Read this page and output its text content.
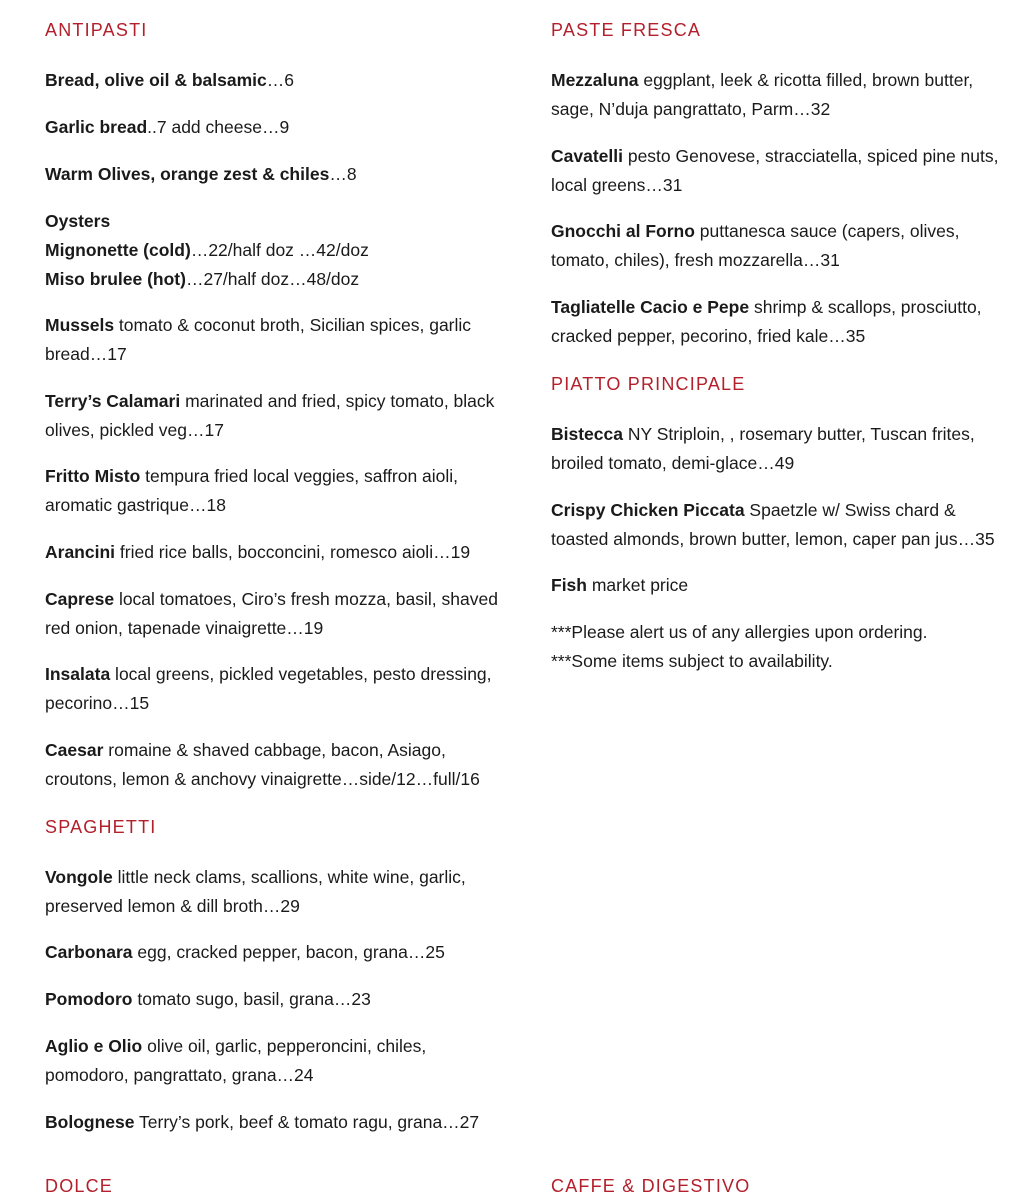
ANTIPASTI

Bread, olive oil & balsamic…6

Garlic bread..7 add cheese…9

Warm Olives, orange zest & chiles…8

Oysters
Mignonette (cold)…22/half doz …42/doz
Miso brulee (hot)…27/half doz…48/doz

Mussels tomato & coconut broth, Sicilian spices, garlic bread…17

Terry’s Calamari marinated and fried, spicy tomato, black olives, pickled veg…17

Fritto Misto tempura fried local veggies, saffron aioli, aromatic gastrique…18

Arancini fried rice balls, bocconcini, romesco aioli…19

Caprese local tomatoes, Ciro’s fresh mozza, basil, shaved red onion, tapenade vinaigrette…19

Insalata local greens, pickled vegetables, pesto dressing, pecorino…15

Caesar romaine & shaved cabbage, bacon, Asiago, croutons, lemon & anchovy vinaigrette…side/12…full/16

SPAGHETTI

Vongole little neck clams, scallions, white wine, garlic, preserved lemon & dill broth…29

Carbonara egg, cracked pepper, bacon, grana…25

Pomodoro tomato sugo, basil, grana…23

Aglio e Olio olive oil, garlic, pepperoncini, chiles, pomodoro, pangrattato, grana…24

Bolognese Terry’s pork, beef & tomato ragu, grana…27

DOLCE
PASTE FRESCA

Mezzaluna eggplant, leek & ricotta filled, brown butter, sage, N’duja pangrattato, Parm…32

Cavatelli pesto Genovese, stracciatella, spiced pine nuts, local greens…31

Gnocchi al Forno puttanesca sauce (capers, olives, tomato, chiles), fresh mozzarella…31

Tagliatelle Cacio e Pepe shrimp & scallops, prosciutto, cracked pepper, pecorino, fried kale…35

PIATTO PRINCIPALE

Bistecca NY Striploin, , rosemary butter, Tuscan frites, broiled tomato, demi-glace…49

Crispy Chicken Piccata Spaetzle w/ Swiss chard & toasted almonds, brown butter, lemon, caper pan jus…35

Fish market price

***Please alert us of any allergies upon ordering.
***Some items subject to availability.
CAFFE & DIGESTIVO
